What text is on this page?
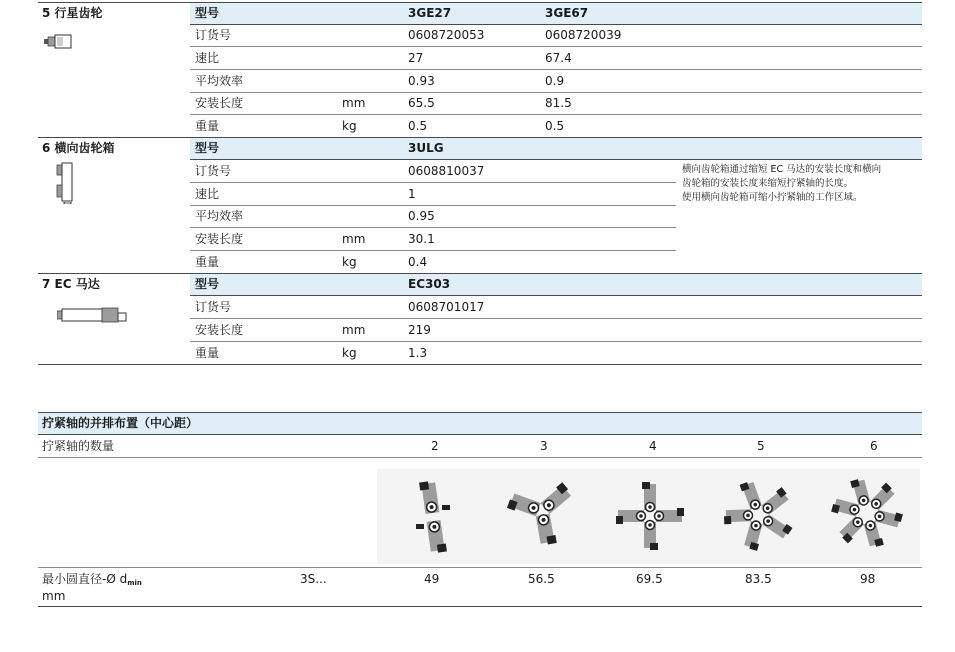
5 行星齿轮	型号	3GE27	3GE67
订货号	0608720053	0608720039
速比	27	67.4
平均效率	0.93	0.9
安装长度	mm	65.5	81.5
重量	kg	0.5	0.5
6 横向齿轮箱	型号	3ULG
订货号	0608810037
速比	1
平均效率	0.95
安装长度	mm	30.1
重量	kg	0.4
横向齿轮箱通过缩短 EC 马达的安装长度和横向
齿轮箱的安装长度来缩短拧紧轴的长度。
使用横向齿轮箱可缩小拧紧轴的工作区域。
7 EC 马达	型号	EC303
订货号	0608701017
安装长度	mm	219
重量	kg	1.3
拧紧轴的并排布置（中心距）
拧紧轴的数量	2	3	4	5	6
最小圆直径-Ø $d_{min}$
mm
3S...	49	56.5	69.5	83.5	98
